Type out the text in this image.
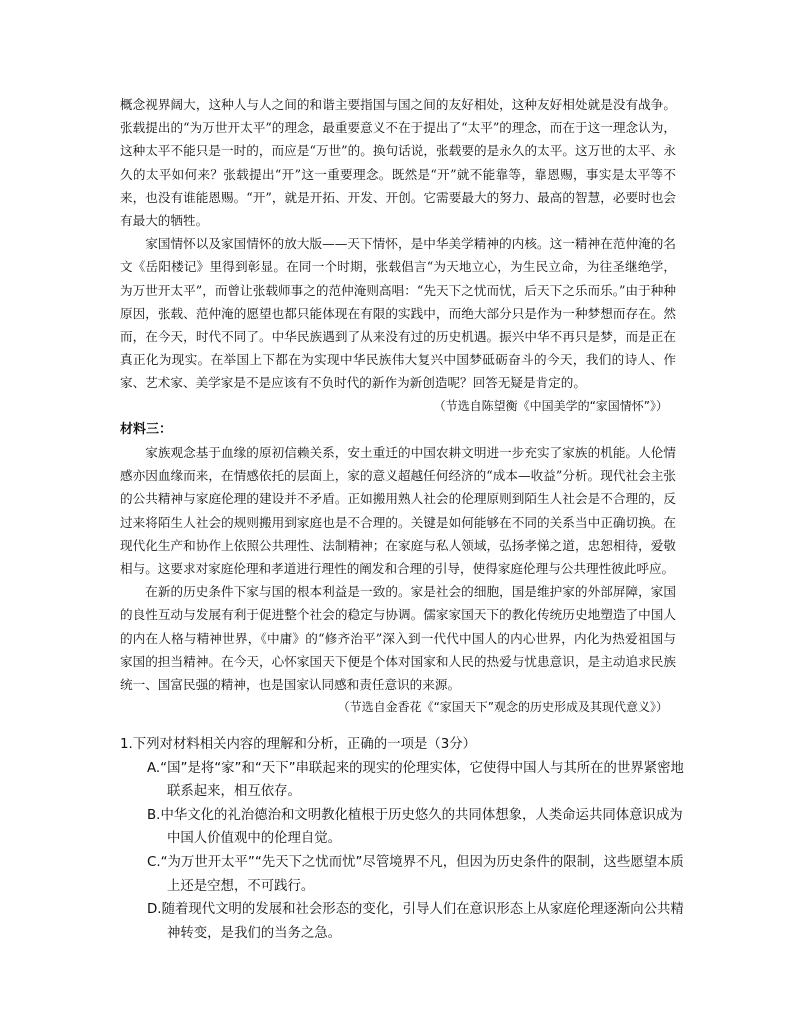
概念视界阔大，这种人与人之间的和谐主要指国与国之间的友好相处，这种友好相处就是没有战争。张载提出的“为万世开太平”的理念，最重要意义不在于提出了“太平”的理念，而在于这一理念认为，这种太平不能只是一时的，而应是“万世”的。换句话说，张载要的是永久的太平。这万世的太平、永久的太平如何来？张载提出“开”这一重要理念。既然是“开”就不能靠等，靠恩赐，事实是太平等不来，也没有谁能恩赐。“开”，就是开拓、开发、开创。它需要最大的努力、最高的智慧，必要时也会有最大的牺牲。

家国情怀以及家国情怀的放大版——天下情怀，是中华美学精神的内核。这一精神在范仲淹的名文《岳阳楼记》里得到彰显。在同一个时期，张载倡言“为天地立心，为生民立命，为往圣继绝学，为万世开太平”，而曾让张载师事之的范仲淹则高唱：“先天下之忧而忧，后天下之乐而乐。”由于种种原因，张载、范仲淹的愿望也都只能体现在有限的实践中，而绝大部分只是作为一种梦想而存在。然而，在今天，时代不同了。中华民族遇到了从来没有过的历史机遇。振兴中华不再只是梦，而是正在真正化为现实。在举国上下都在为实现中华民族伟大复兴中国梦砥砺奋斗的今天，我们的诗人、作家、艺术家、美学家是不是应该有不负时代的新作为新创造呢？回答无疑是肯定的。

（节选自陈望衡《中国美学的“家国情怀”》）
材料三：

家族观念基于血缘的原初信赖关系，安土重迁的中国农耕文明进一步充实了家族的机能。人伦情感亦因血缘而来，在情感依托的层面上，家的意义超越任何经济的“成本—收益”分析。现代社会主张的公共精神与家庭伦理的建设并不矛盾。正如搬用熟人社会的伦理原则到陌生人社会是不合理的，反过来将陌生人社会的规则搬用到家庭也是不合理的。关键是如何能够在不同的关系当中正确切换。在现代化生产和协作上依照公共理性、法制精神；在家庭与私人领域，弘扬孝悌之道，忠恕相待，爱敬相与。这要求对家庭伦理和孝道进行理性的阐发和合理的引导，使得家庭伦理与公共理性彼此呼应。

在新的历史条件下家与国的根本利益是一致的。家是社会的细胞，国是维护家的外部屏障，家国的良性互动与发展有利于促进整个社会的稳定与协调。儒家家国天下的教化传统历史地塑造了中国人的内在人格与精神世界，《中庸》的“修齐治平”深入到一代代中国人的内心世界，内化为热爱祖国与家国的担当精神。在今天，心怀家国天下便是个体对国家和人民的热爱与忧患意识，是主动追求民族统一、国富民强的精神，也是国家认同感和责任意识的来源。

（节选自金香花《“家国天下”观念的历史形成及其现代意义》）

1.下列对材料相关内容的理解和分析，正确的一项是（3分）

A.“国”是将“家”和“天下”串联起来的现实的伦理实体，它使得中国人与其所在的世界紧密地联系起来，相互依存。

B.中华文化的礼治德治和文明教化植根于历史悠久的共同体想象，人类命运共同体意识成为中国人价值观中的伦理自觉。

C.“为万世开太平”“先天下之忧而忧”尽管境界不凡，但因为历史条件的限制，这些愿望本质上还是空想，不可践行。

D.随着现代文明的发展和社会形态的变化，引导人们在意识形态上从家庭伦理逐渐向公共精神转变，是我们的当务之急。
